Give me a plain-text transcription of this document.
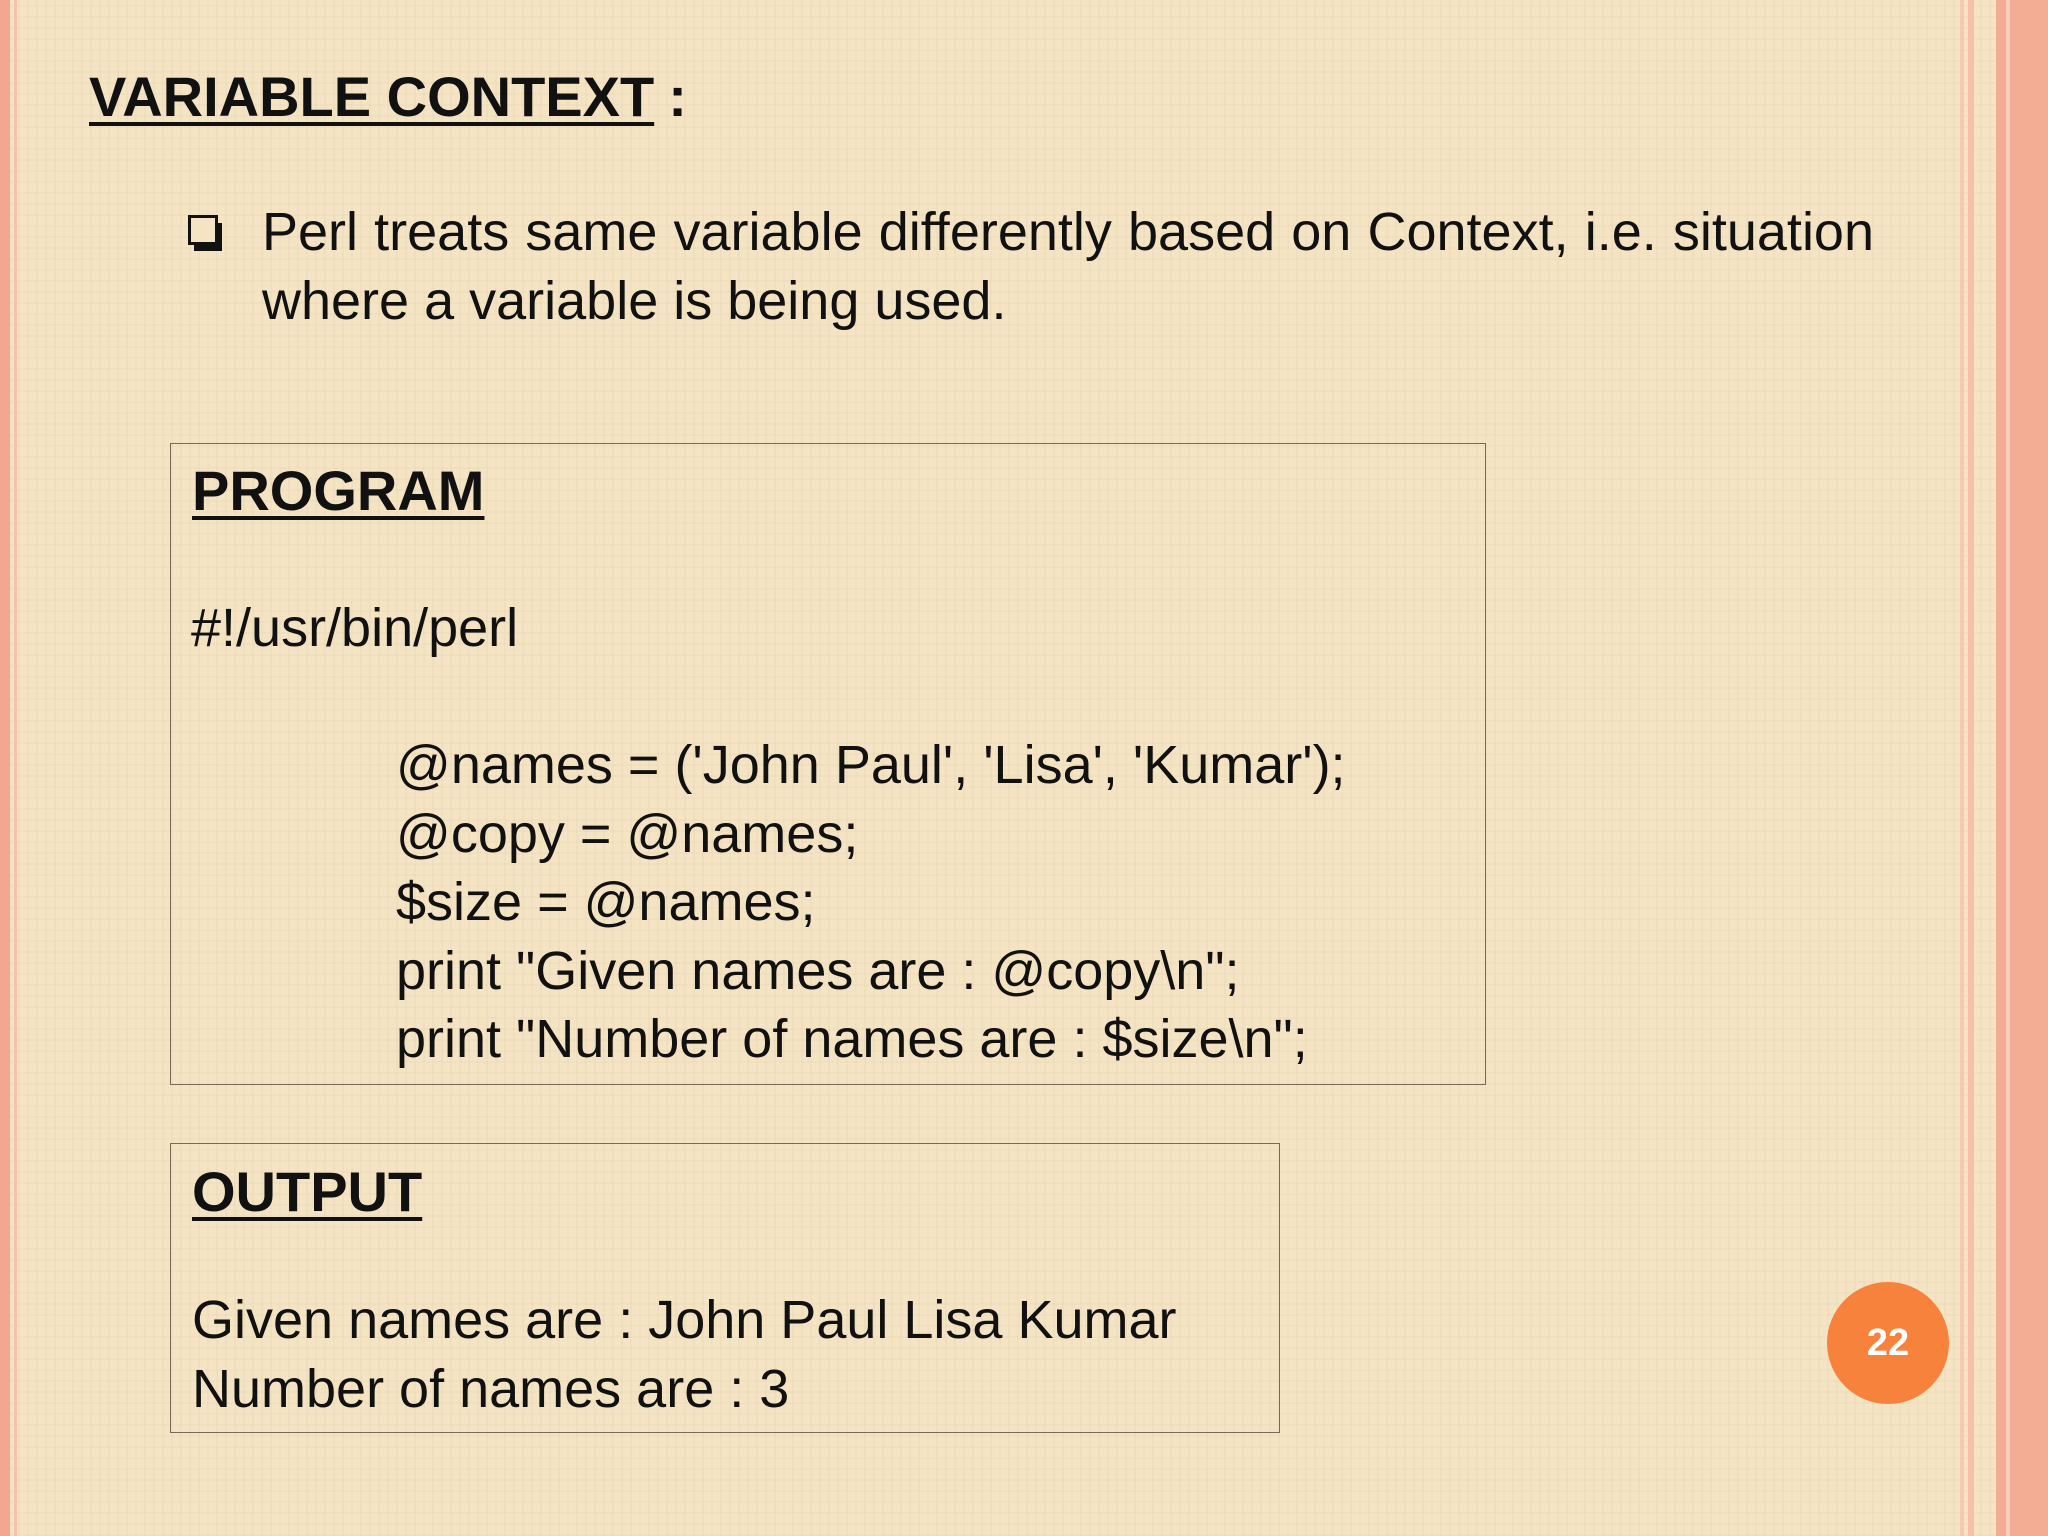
VARIABLE CONTEXT :
Perl treats same variable differently based on Context, i.e. situation where a variable is being used.
PROGRAM
#!/usr/bin/perl
@names = ('John Paul', 'Lisa', 'Kumar');
@copy = @names;
$size = @names;
print "Given names are : @copy\n";
print "Number of names are : $size\n";
OUTPUT
Given names are : John Paul Lisa Kumar
Number of names are : 3
22
